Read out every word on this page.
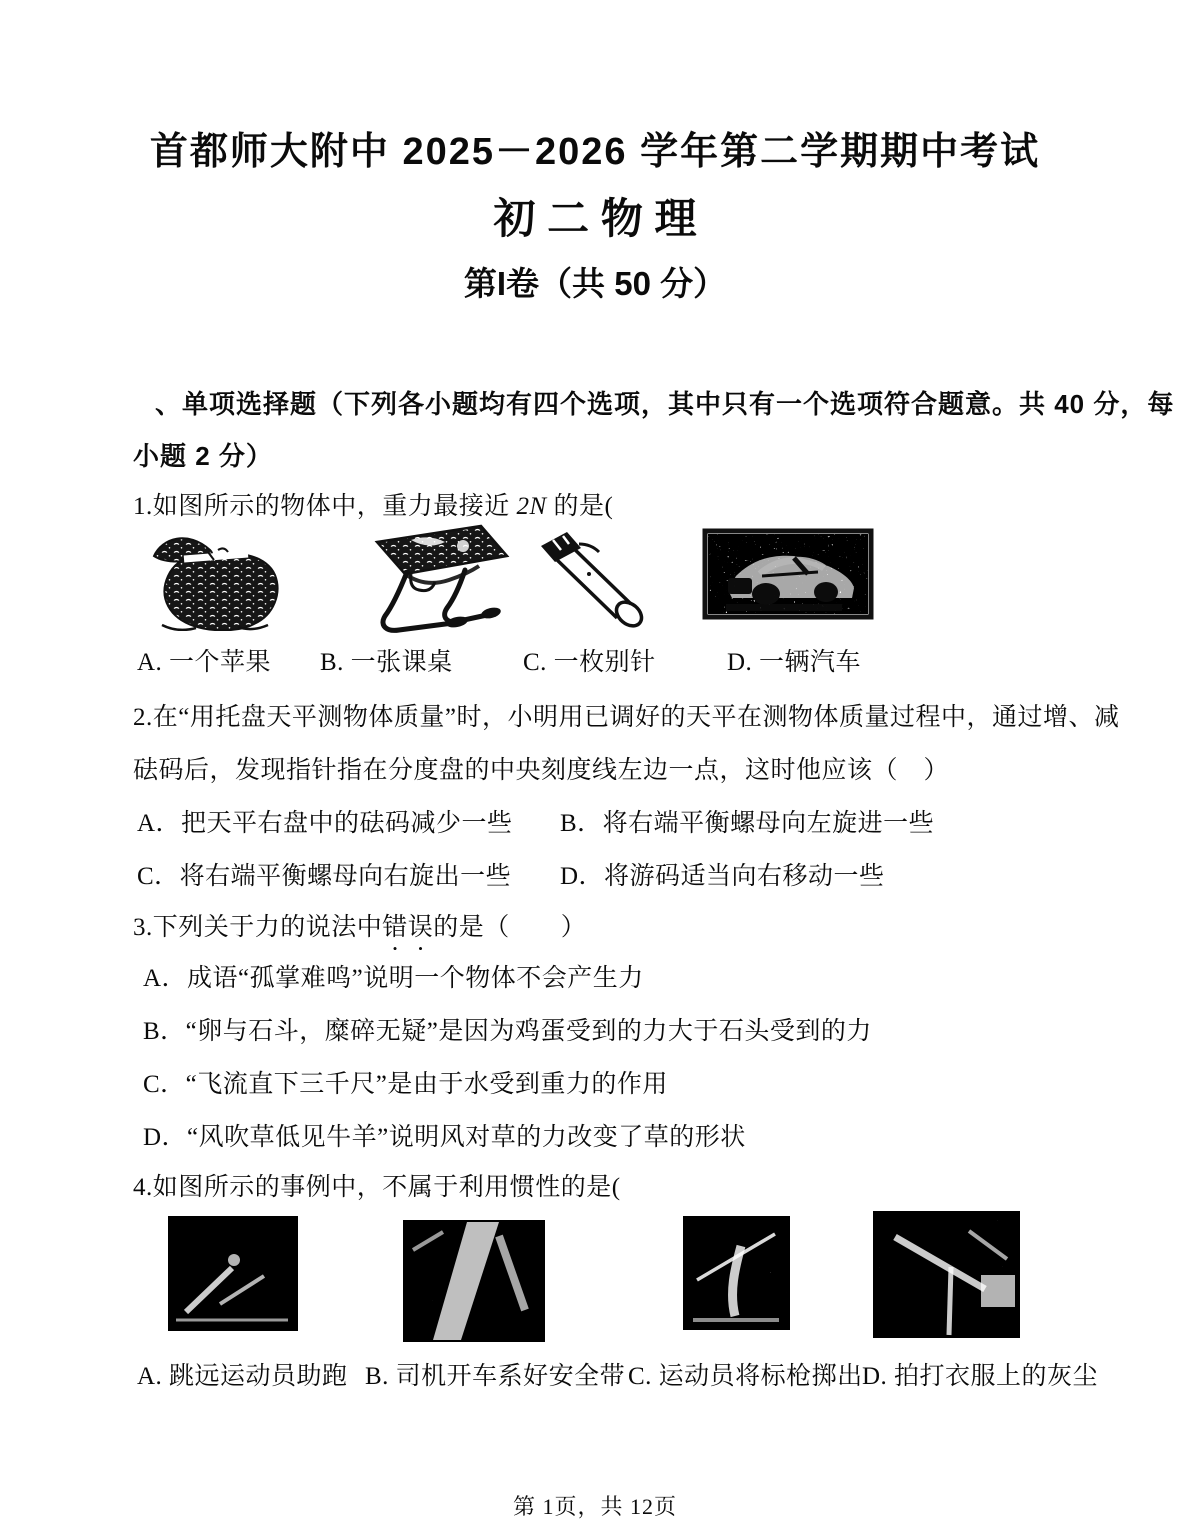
首都师大附中 2025－2026 学年第二学期期中考试
初 二 物 理
第I卷（共 50 分）
、单项选择题（下列各小题均有四个选项，其中只有一个选项符合题意。共 40 分，每
小题 2 分）
1.如图所示的物体中，重力最接近 2N 的是(
A. 一个苹果 B. 一张课桌	C. 一枚别针	D. 一辆汽车
2.在“用托盘天平测物体质量”时，小明用已调好的天平在测物体质量过程中，通过增、减
砝码后，发现指针指在分度盘的中央刻度线左边一点，这时他应该（　）
A．把天平右盘中的砝码减少一些 B．将右端平衡螺母向左旋进一些
C．将右端平衡螺母向右旋出一些 D．将游码适当向右移动一些
3.下列关于力的说法中错误的是（　　）
A．成语“孤掌难鸣”说明一个物体不会产生力
B．“卵与石斗，糜碎无疑”是因为鸡蛋受到的力大于石头受到的力
C．“飞流直下三千尺”是由于水受到重力的作用
D．“风吹草低见牛羊”说明风对草的力改变了草的形状
4.如图所示的事例中，不属于利用惯性的是(
A. 跳远运动员助跑 B. 司机开车系好安全带 C. 运动员将标枪掷出 D. 拍打衣服上的灰尘
第 1页，共 12页
